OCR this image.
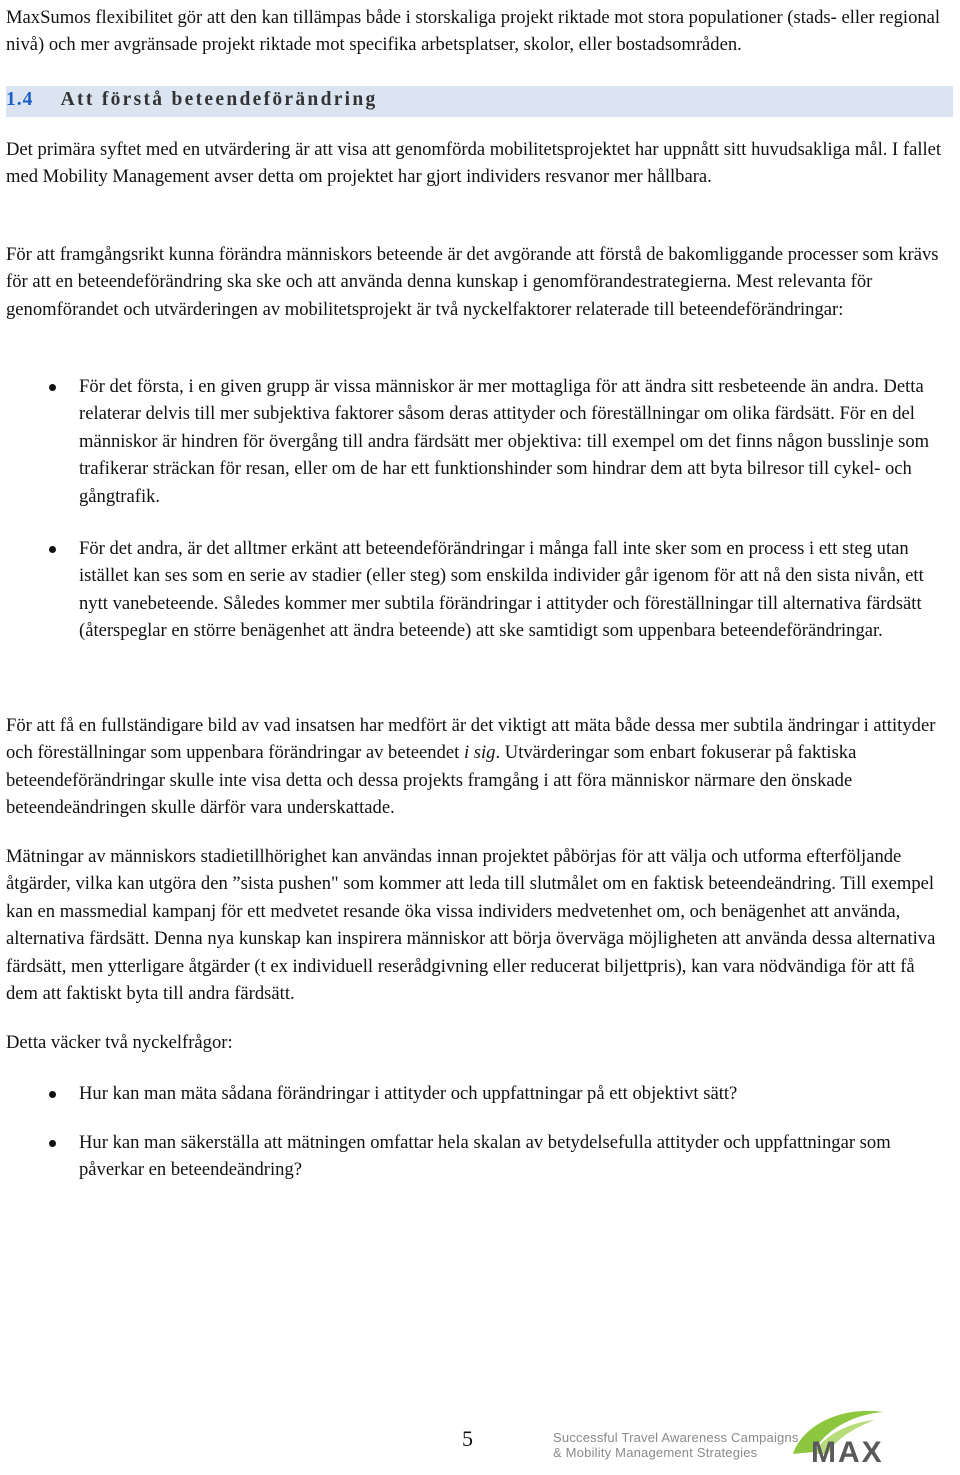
MaxSumos flexibilitet gör att den kan tillämpas både i storskaliga projekt riktade mot stora populationer (stads- eller regional nivå) och mer avgränsade projekt riktade mot specifika arbetsplatser, skolor, eller bostadsområden.

1.4 Att förstå beteendeförändring

Det primära syftet med en utvärdering är att visa att genomförda mobilitetsprojektet har uppnått sitt huvudsakliga mål. I fallet med Mobility Management avser detta om projektet har gjort individers resvanor mer hållbara.

För att framgångsrikt kunna förändra människors beteende är det avgörande att förstå de bakomliggande processer som krävs för att en beteendeförändring ska ske och att använda denna kunskap i genomförandestrategierna. Mest relevanta för genomförandet och utvärderingen av mobilitetsprojekt är två nyckelfaktorer relaterade till beteendeförändringar:

För det första, i en given grupp är vissa människor är mer mottagliga för att ändra sitt resbeteende än andra. Detta relaterar delvis till mer subjektiva faktorer såsom deras attityder och föreställningar om olika färdsätt. För en del människor är hindren för övergång till andra färdsätt mer objektiva: till exempel om det finns någon busslinje som trafikerar sträckan för resan, eller om de har ett funktionshinder som hindrar dem att byta bilresor till cykel- och gångtrafik.

För det andra, är det alltmer erkänt att beteendeförändringar i många fall inte sker som en process i ett steg utan istället kan ses som en serie av stadier (eller steg) som enskilda individer går igenom för att nå den sista nivån, ett nytt vanebeteende. Således kommer mer subtila förändringar i attityder och föreställningar till alternativa färdsätt (återspeglar en större benägenhet att ändra beteende) att ske samtidigt som uppenbara beteendeförändringar.

För att få en fullständigare bild av vad insatsen har medfört är det viktigt att mäta både dessa mer subtila ändringar i attityder och föreställningar som uppenbara förändringar av beteendet i sig. Utvärderingar som enbart fokuserar på faktiska beteendeförändringar skulle inte visa detta och dessa projekts framgång i att föra människor närmare den önskade beteendeändringen skulle därför vara underskattade.

Mätningar av människors stadietillhörighet kan användas innan projektet påbörjas för att välja och utforma efterföljande åtgärder, vilka kan utgöra den ”sista pushen" som kommer att leda till slutmålet om en faktisk beteendeändring. Till exempel kan en massmedial kampanj för ett medvetet resande öka vissa individers medvetenhet om, och benägenhet att använda, alternativa färdsätt. Denna nya kunskap kan inspirera människor att börja överväga möjligheten att använda dessa alternativa färdsätt, men ytterligare åtgärder (t ex individuell reserådgivning eller reducerat biljettpris), kan vara nödvändiga för att få dem att faktiskt byta till andra färdsätt.

Detta väcker två nyckelfrågor:

Hur kan man mäta sådana förändringar i attityder och uppfattningar på ett objektivt sätt?

Hur kan man säkerställa att mätningen omfattar hela skalan av betydelsefulla attityder och uppfattningar som påverkar en beteendeändring?

5	Successful Travel Awareness Campaigns
& Mobility Management Strategies	MAX
